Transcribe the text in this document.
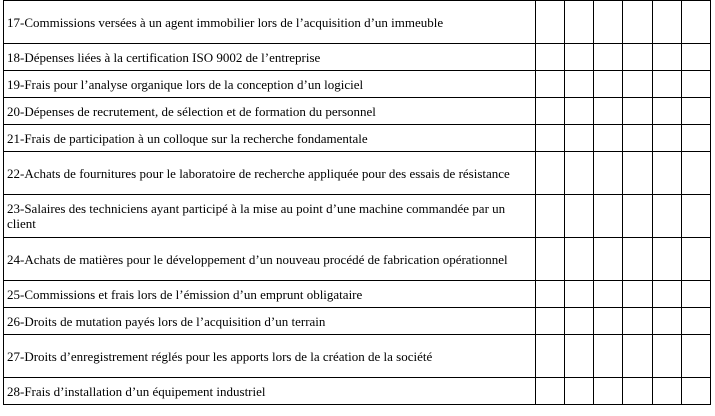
17-Commissions versées à un agent immobilier lors de l’acquisition d’un immeuble						
18-Dépenses liées à la certification ISO 9002 de l’entreprise						
19-Frais pour l’analyse organique lors de la conception d’un logiciel						
20-Dépenses de recrutement, de sélection et de formation du personnel						
21-Frais de participation à un colloque sur la recherche fondamentale						
22-Achats de fournitures pour le laboratoire de recherche appliquée pour des essais de résistance						
23-Salaires des techniciens ayant participé à la mise au point d’une machine commandée par un client						
24-Achats de matières pour le développement d’un nouveau procédé de fabrication opérationnel						
25-Commissions et frais lors de l’émission d’un emprunt obligataire						
26-Droits de mutation payés lors de l’acquisition d’un terrain						
27-Droits d’enregistrement réglés pour les apports lors de la création de la société						
28-Frais d’installation d’un équipement industriel						
